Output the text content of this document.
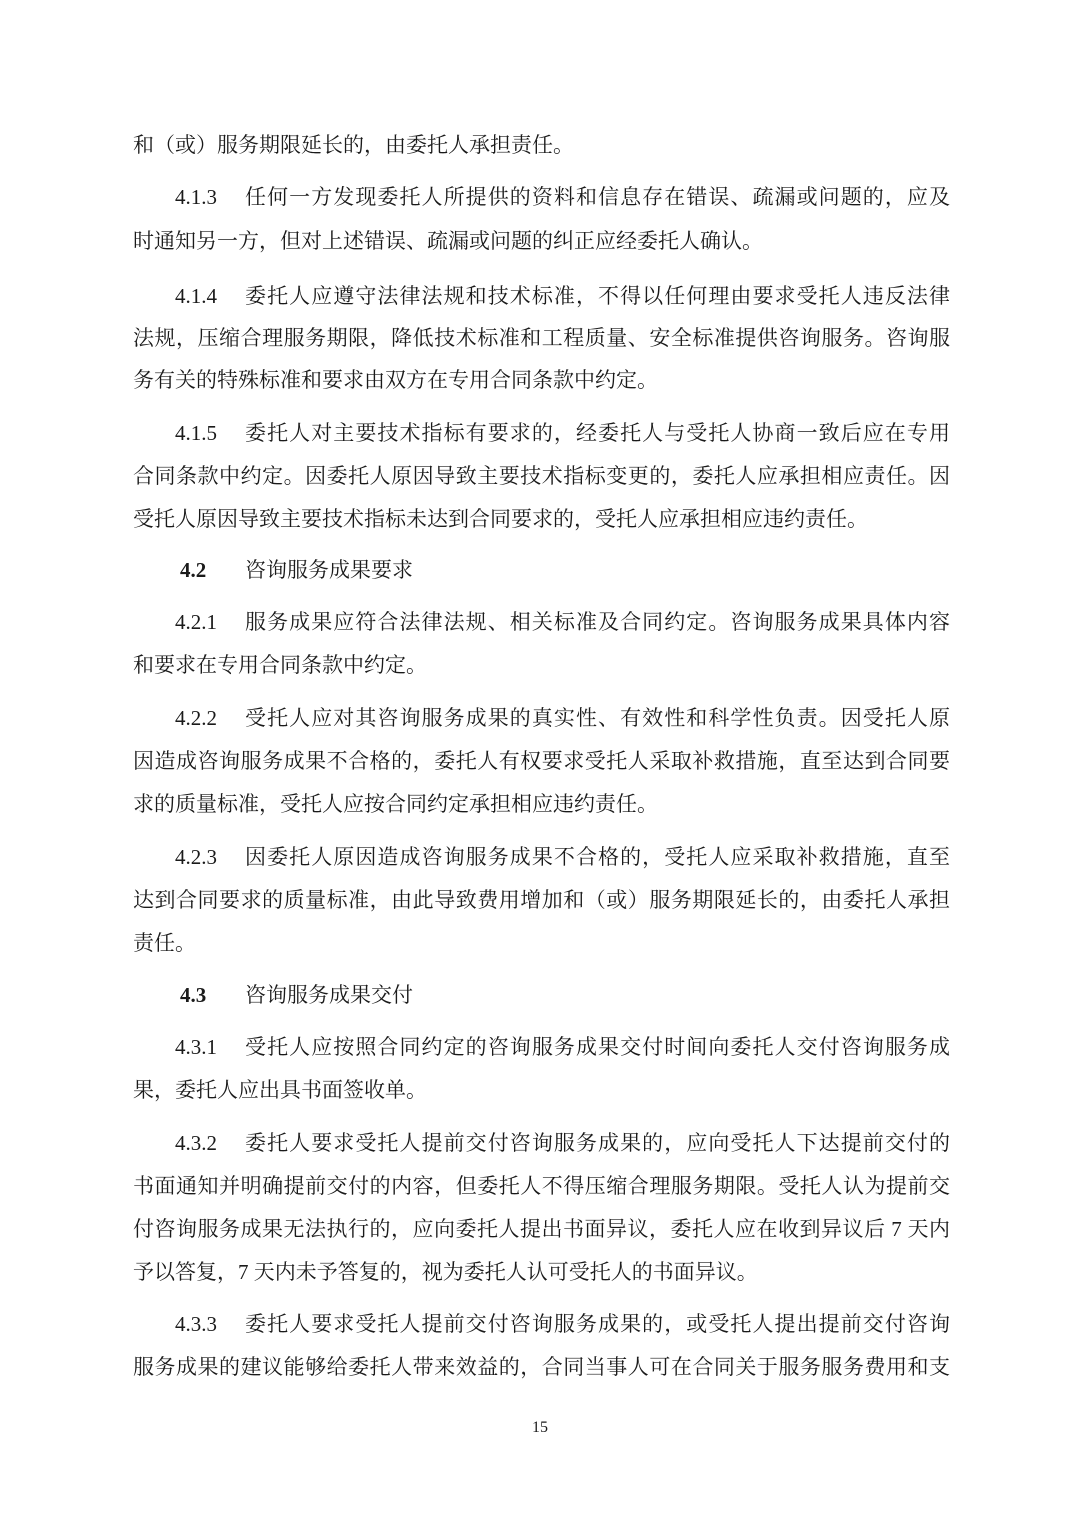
和（或）服务期限延长的，由委托人承担责任。
4.1.3 任何一方发现委托人所提供的资料和信息存在错误、疏漏或问题的，应及
时通知另一方，但对上述错误、疏漏或问题的纠正应经委托人确认。
4.1.4 委托人应遵守法律法规和技术标准，不得以任何理由要求受托人违反法律
法规，压缩合理服务期限，降低技术标准和工程质量、安全标准提供咨询服务。咨询服
务有关的特殊标准和要求由双方在专用合同条款中约定。
4.1.5 委托人对主要技术指标有要求的，经委托人与受托人协商一致后应在专用
合同条款中约定。因委托人原因导致主要技术指标变更的，委托人应承担相应责任。因
受托人原因导致主要技术指标未达到合同要求的，受托人应承担相应违约责任。
4.2 咨询服务成果要求
4.2.1 服务成果应符合法律法规、相关标准及合同约定。咨询服务成果具体内容
和要求在专用合同条款中约定。
4.2.2 受托人应对其咨询服务成果的真实性、有效性和科学性负责。因受托人原
因造成咨询服务成果不合格的，委托人有权要求受托人采取补救措施，直至达到合同要
求的质量标准，受托人应按合同约定承担相应违约责任。
4.2.3 因委托人原因造成咨询服务成果不合格的，受托人应采取补救措施，直至
达到合同要求的质量标准，由此导致费用增加和（或）服务期限延长的，由委托人承担
责任。
4.3 咨询服务成果交付
4.3.1 受托人应按照合同约定的咨询服务成果交付时间向委托人交付咨询服务成
果，委托人应出具书面签收单。
4.3.2 委托人要求受托人提前交付咨询服务成果的，应向受托人下达提前交付的
书面通知并明确提前交付的内容，但委托人不得压缩合理服务期限。受托人认为提前交
付咨询服务成果无法执行的，应向委托人提出书面异议，委托人应在收到异议后 7 天内
予以答复，7 天内未予答复的，视为委托人认可受托人的书面异议。
4.3.3 委托人要求受托人提前交付咨询服务成果的，或受托人提出提前交付咨询
服务成果的建议能够给委托人带来效益的，合同当事人可在合同关于服务服务费用和支
15
